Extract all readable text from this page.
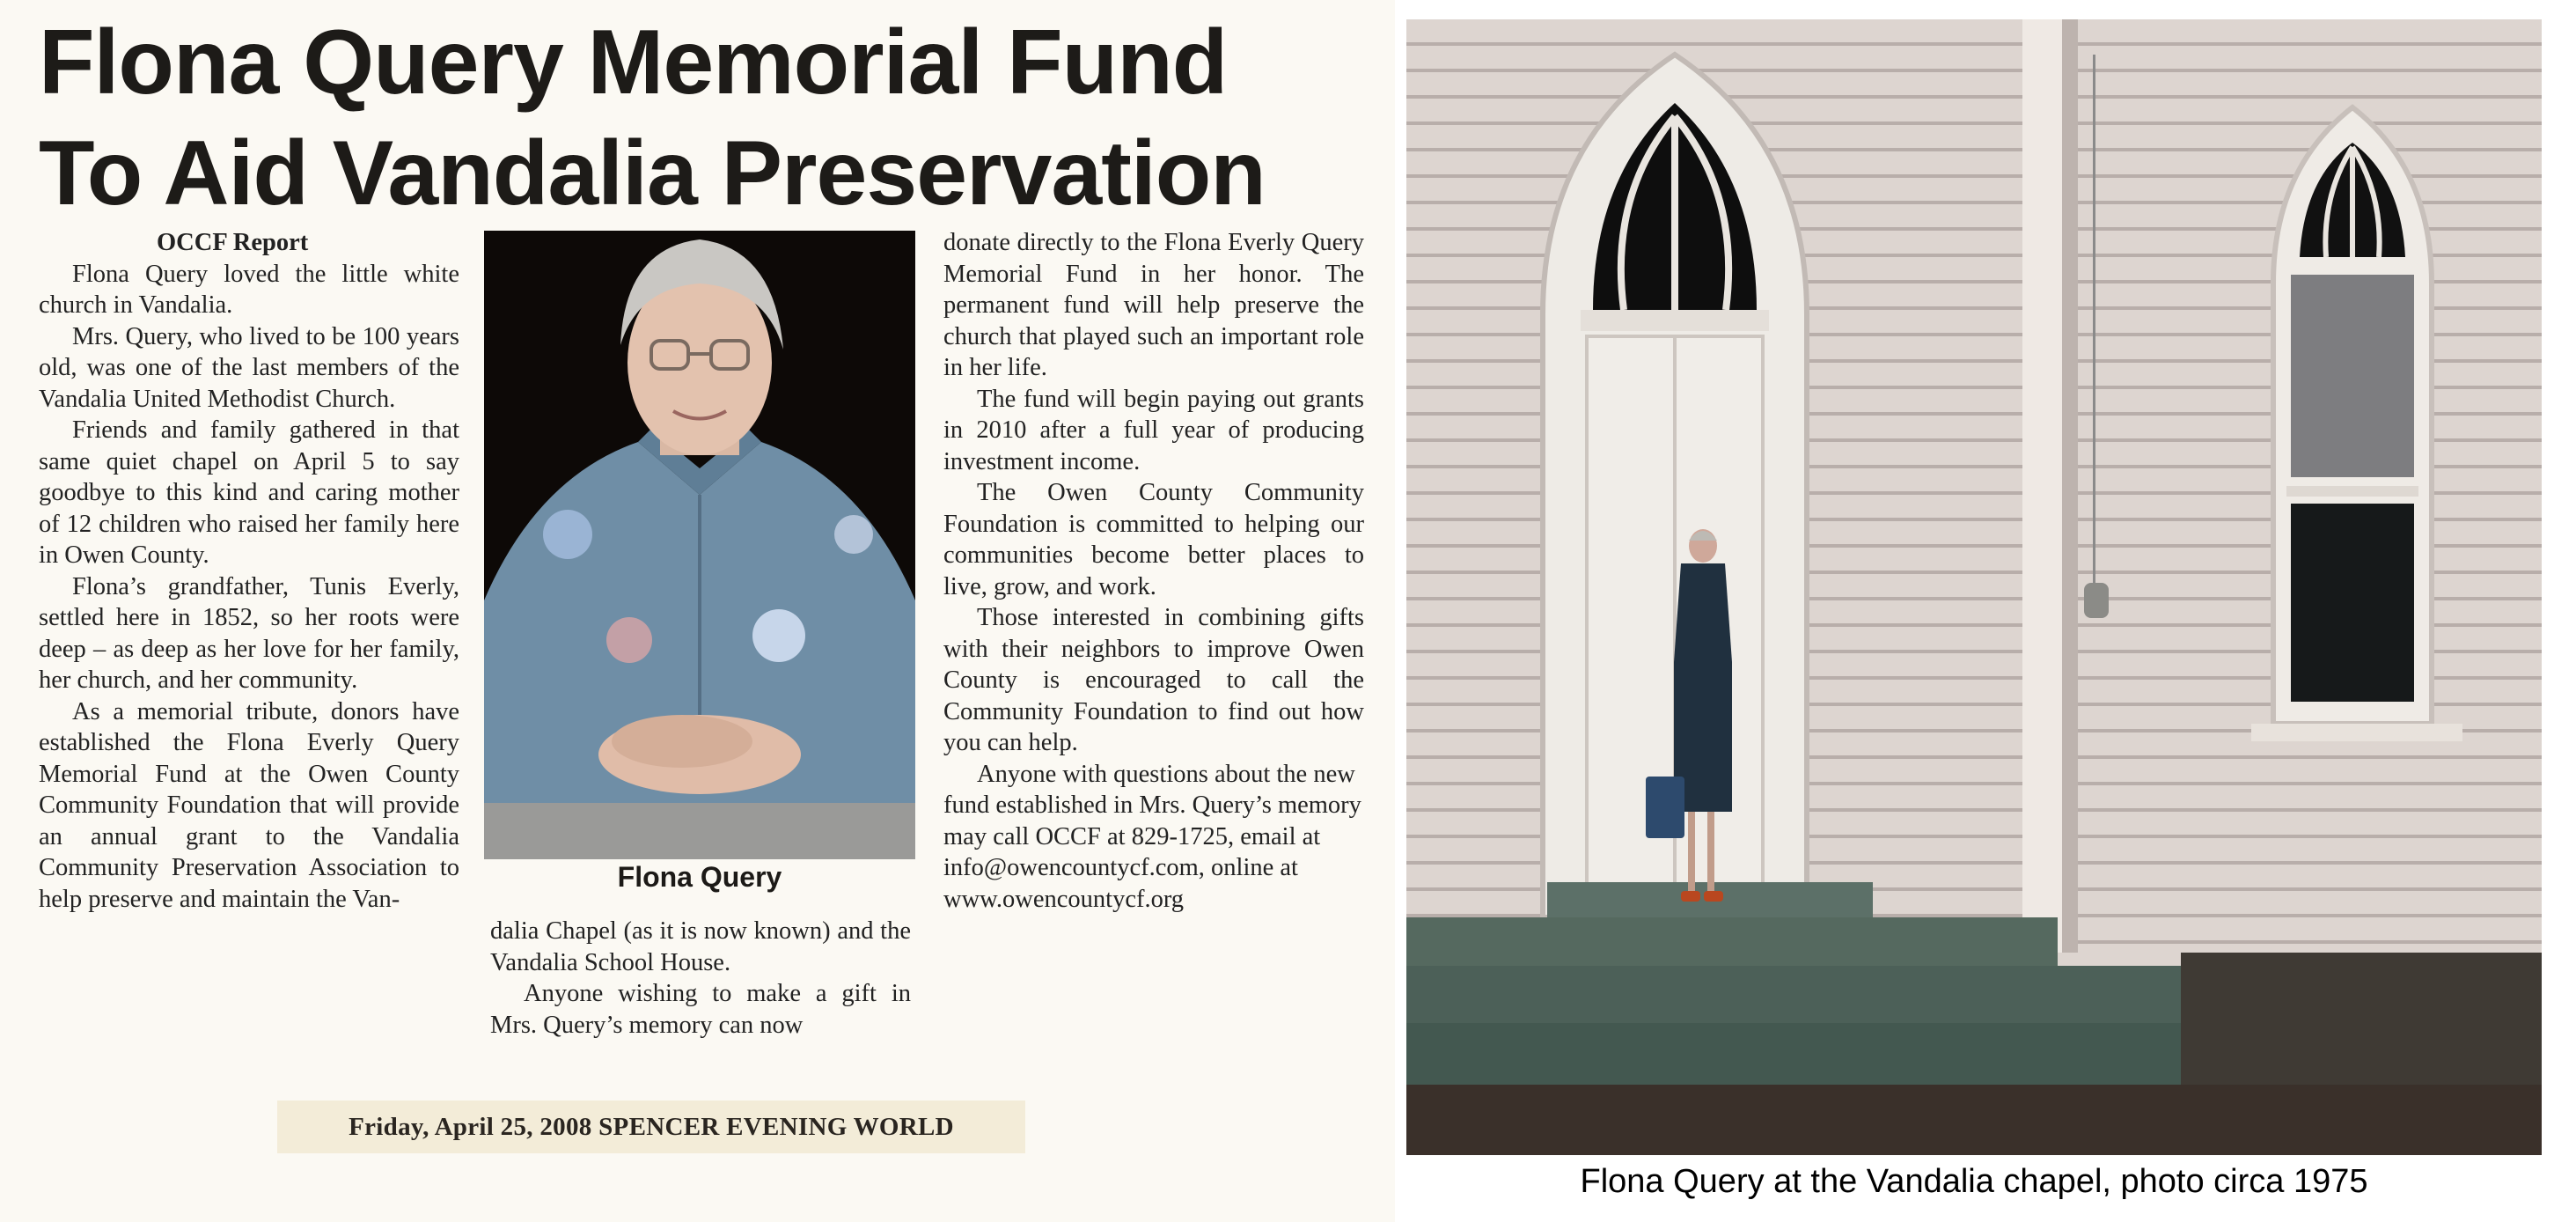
Flona Query Memorial Fund
To Aid Vandalia Preservation

OCCF Report

Flona Query loved the little white church in Vandalia.

Mrs. Query, who lived to be 100 years old, was one of the last members of the Vandalia United Methodist Church.

Friends and family gathered in that same quiet chapel on April 5 to say goodbye to this kind and caring mother of 12 children who raised her family here in Owen County.

Flona’s grandfather, Tunis Everly, settled here in 1852, so her roots were deep – as deep as her love for her family, her church, and her community.

As a memorial tribute, donors have established the Flona Everly Query Memorial Fund at the Owen County Community Foundation that will provide an annual grant to the Vandalia Community Preservation Association to help preserve and maintain the Van-

Flona Query

dalia Chapel (as it is now known) and the Vandalia School House.

Anyone wishing to make a gift in Mrs. Query’s memory can now

donate directly to the Flona Everly Query Memorial Fund in her honor. The permanent fund will help preserve the church that played such an important role in her life.

The fund will begin paying out grants in 2010 after a full year of producing investment income.

The Owen County Community Foundation is committed to helping our communities become better places to live, grow, and work.

Those interested in combining gifts with their neighbors to improve Owen County is encouraged to call the Community Foundation to find out how you can help.

Anyone with questions about the new fund established in Mrs. Query’s memory may call OCCF at 829-1725, email at info@owencountycf.com, online at www.owencountycf.org

Friday, April 25, 2008 SPENCER EVENING WORLD
Flona Query at the Vandalia chapel, photo circa 1975
